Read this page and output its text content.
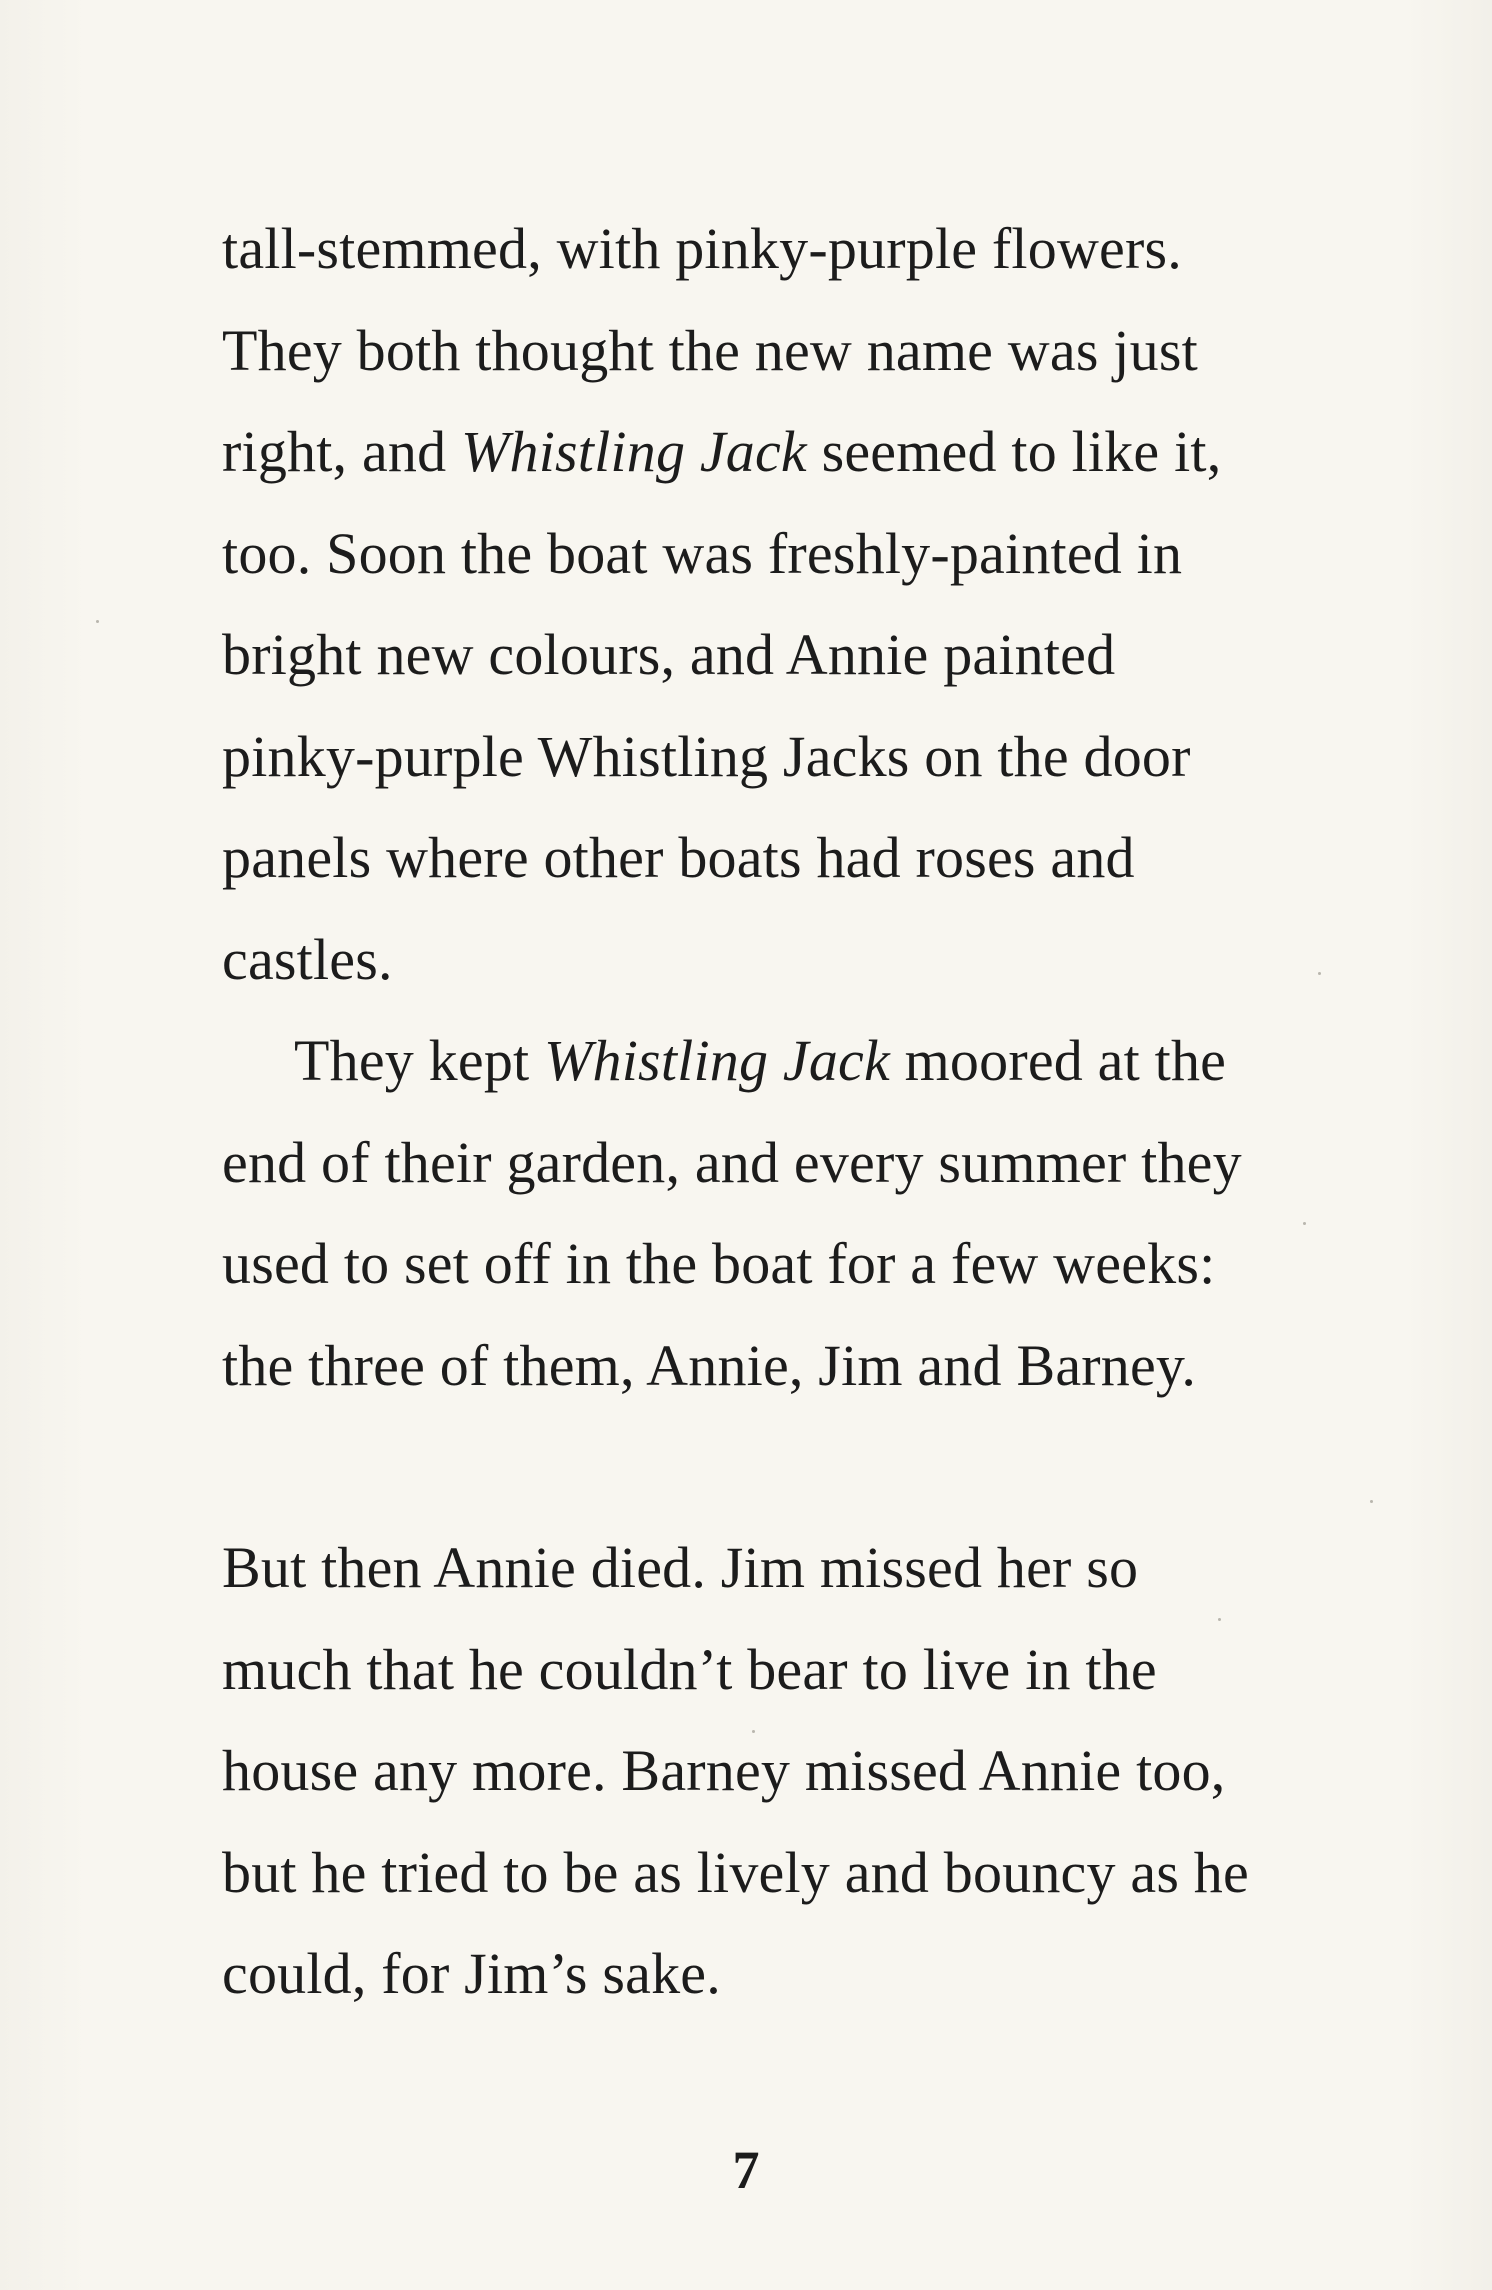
tall-stemmed, with pinky-purple flowers.
They both thought the new name was just
right, and Whistling Jack seemed to like it,
too. Soon the boat was freshly-painted in
bright new colours, and Annie painted
pinky-purple Whistling Jacks on the door
panels where other boats had roses and
castles.

They kept Whistling Jack moored at the
end of their garden, and every summer they
used to set off in the boat for a few weeks:
the three of them, Annie, Jim and Barney.

But then Annie died. Jim missed her so
much that he couldn’t bear to live in the
house any more. Barney missed Annie too,
but he tried to be as lively and bouncy as he
could, for Jim’s sake.

7
